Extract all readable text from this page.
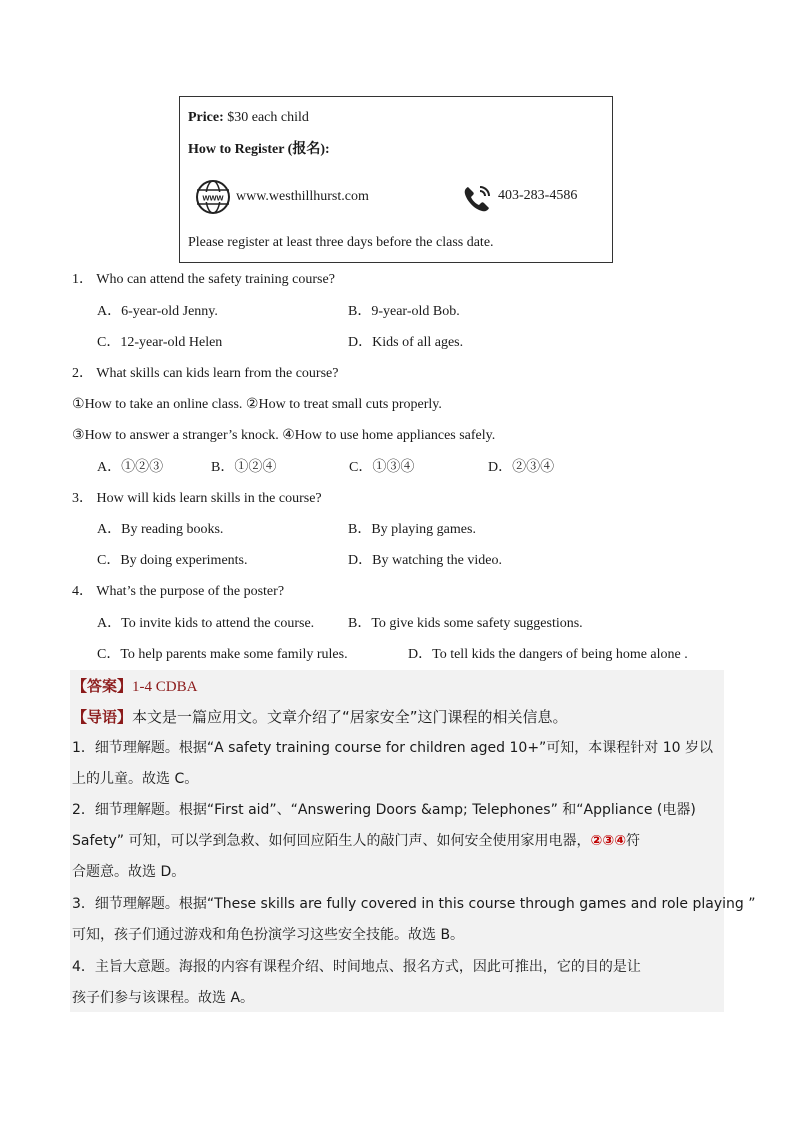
Price: $30 each child
How to Register (报名):
www www.westhillhurst.com	403-283-4586
Please register at least three days before the class date.
1． Who can attend the safety training course?
A．6-year-old Jenny.	B．9-year-old Bob.
C．12-year-old Helen	D．Kids of all ages.
2． What skills can kids learn from the course?
①How to take an online class. ②How to treat small cuts properly.
③How to answer a stranger’s knock. ④How to use home appliances safely.
A．①②③	B．①②④	C．①③④	D．②③④
3． How will kids learn skills in the course?
A．By reading books.	B．By playing games.
C．By doing experiments.	D．By watching the video.
4． What’s the purpose of the poster?
A．To invite kids to attend the course. B．To give kids some safety suggestions.
C．To help parents make some family rules.	D．To tell kids the dangers of being home alone .
【答案】1-4 CDBA
【导语】本文是一篇应用文。文章介绍了“居家安全”这门课程的相关信息。
1．细节理解题。根据“A safety training course for children aged 10+”可知，本课程针对 10 岁以
上的儿童。故选 C。
2．细节理解题。根据“First aid”、“Answering Doors &amp; Telephones” 和“Appliance (电器)
Safety” 可知，可以学到急救、如何回应陌生人的敲门声、如何安全使用家用电器，②③④符
合题意。故选 D。
3．细节理解题。根据“These skills are fully covered in this course through games and role playing ”
可知，孩子们通过游戏和角色扮演学习这些安全技能。故选 B。
4．主旨大意题。海报的内容有课程介绍、时间地点、报名方式，因此可推出，它的目的是让
孩子们参与该课程。故选 A。
